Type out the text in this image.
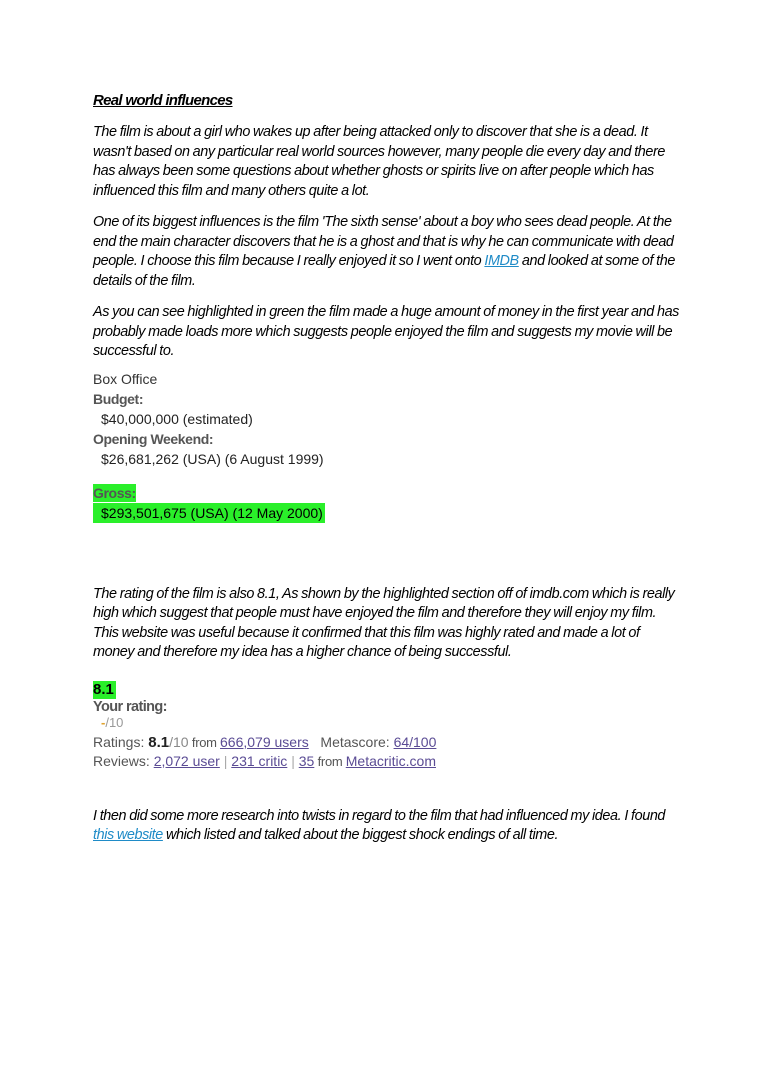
Real world influences

The film is about a girl who wakes up after being attacked only to discover that she is a dead. It wasn't based on any particular real world sources however, many people die every day and there has always been some questions about whether ghosts or spirits live on after people which has influenced this film and many others quite a lot.

One of its biggest influences is the film 'The sixth sense' about a boy who sees dead people. At the end the main character discovers that he is a ghost and that is why he can communicate with dead people. I choose this film because I really enjoyed it so I went onto IMDB and looked at some of the details of the film.

As you can see highlighted in green the film made a huge amount of money in the first year and has probably made loads more which suggests people enjoyed the film and suggests my movie will be successful to.

Box Office
Budget:
$40,000,000 (estimated)
Opening Weekend:
$26,681,262 (USA) (6 August 1999)
Gross:
$293,501,675 (USA) (12 May 2000)

The rating of the film is also 8.1, As shown by the highlighted section off of imdb.com which is really high which suggest that people must have enjoyed the film and therefore they will enjoy my film. This website was useful because it confirmed that this film was highly rated and made a lot of money and therefore my idea has a higher chance of being successful.

8.1
Your rating:
-/10
Ratings: 8.1/10 from 666,079 users Metascore: 64/100
Reviews: 2,072 user | 231 critic | 35 from Metacritic.com

I then did some more research into twists in regard to the film that had influenced my idea. I found this website which listed and talked about the biggest shock endings of all time.
